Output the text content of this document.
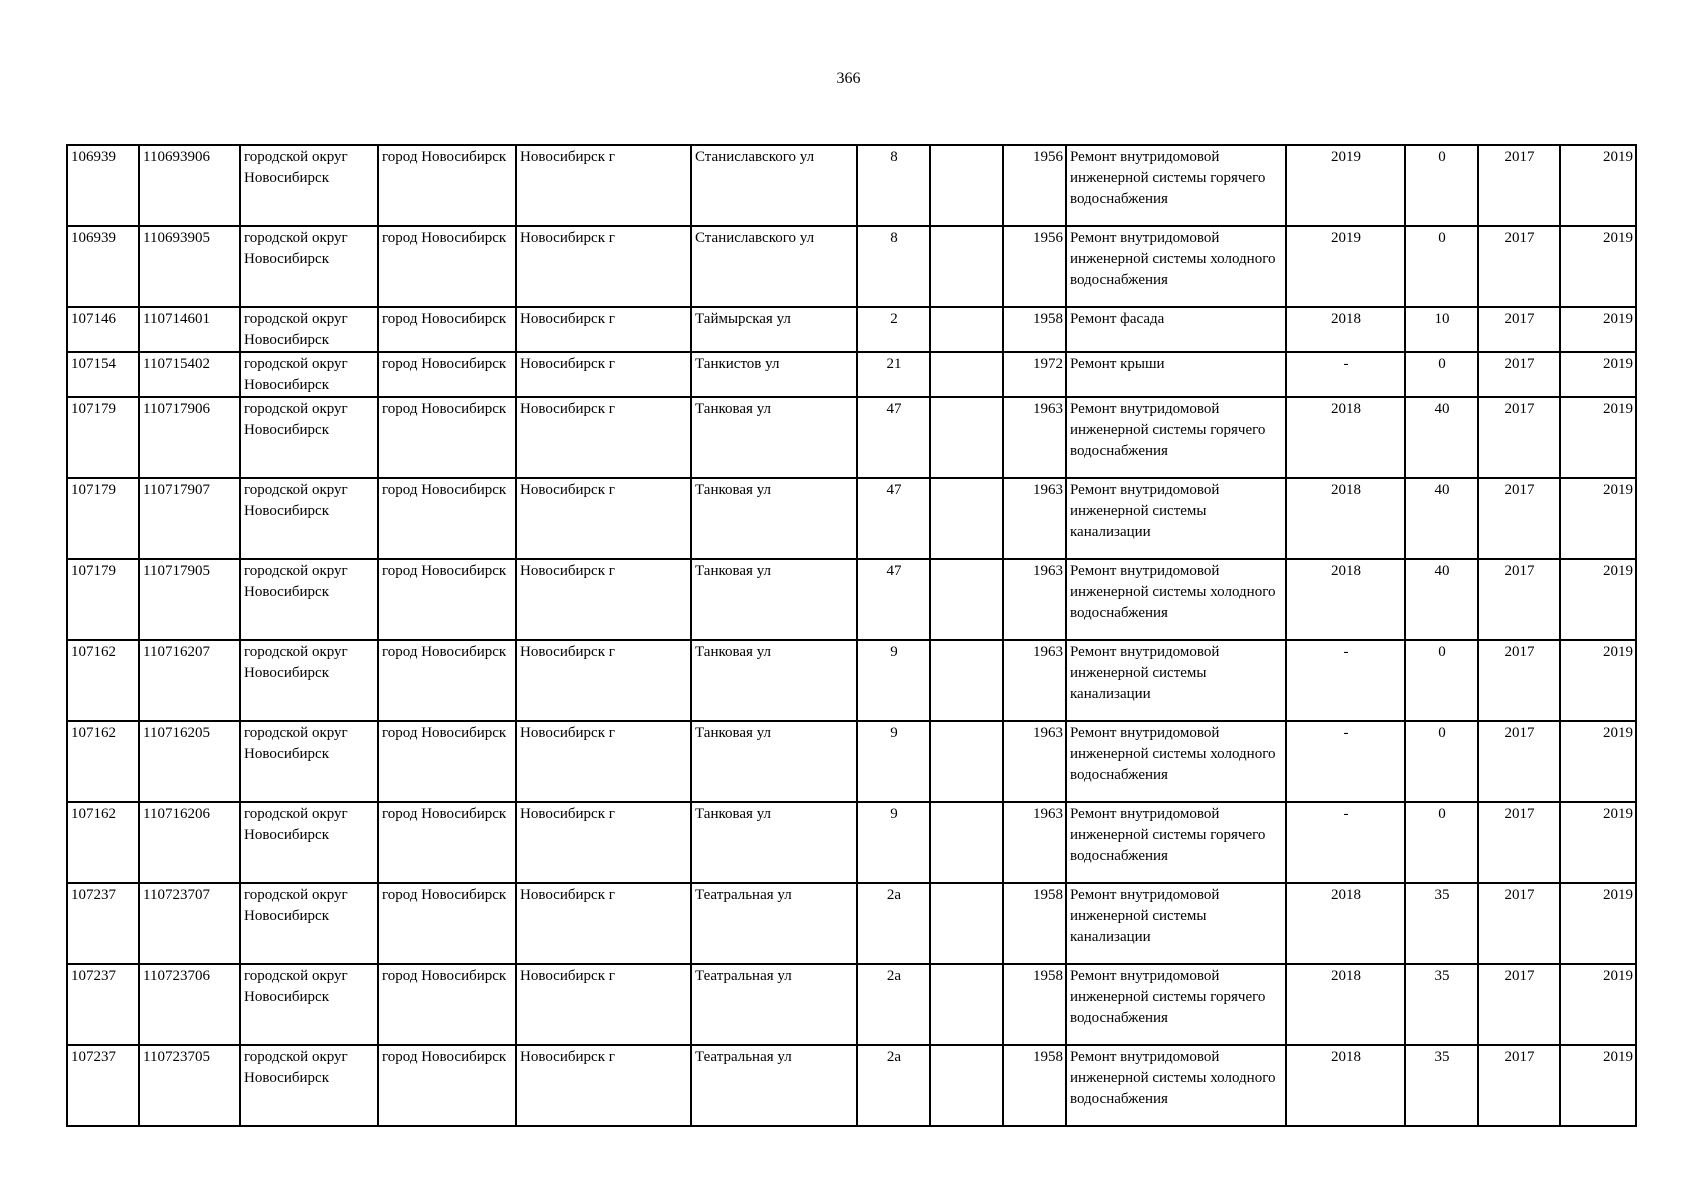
366
106939	110693906	городской округ Новосибирск	город Новосибирск	Новосибирск г	Станиславского ул	8		1956	Ремонт внутридомовой инженерной системы горячего водоснабжения	2019	0	2017	2019
106939	110693905	городской округ Новосибирск	город Новосибирск	Новосибирск г	Станиславского ул	8		1956	Ремонт внутридомовой инженерной системы холодного водоснабжения	2019	0	2017	2019
107146	110714601	городской округ Новосибирск	город Новосибирск	Новосибирск г	Таймырская ул	2		1958	Ремонт фасада	2018	10	2017	2019
107154	110715402	городской округ Новосибирск	город Новосибирск	Новосибирск г	Танкистов ул	21		1972	Ремонт крыши	-	0	2017	2019
107179	110717906	городской округ Новосибирск	город Новосибирск	Новосибирск г	Танковая ул	47		1963	Ремонт внутридомовой инженерной системы горячего водоснабжения	2018	40	2017	2019
107179	110717907	городской округ Новосибирск	город Новосибирск	Новосибирск г	Танковая ул	47		1963	Ремонт внутридомовой инженерной системы канализации	2018	40	2017	2019
107179	110717905	городской округ Новосибирск	город Новосибирск	Новосибирск г	Танковая ул	47		1963	Ремонт внутридомовой инженерной системы холодного водоснабжения	2018	40	2017	2019
107162	110716207	городской округ Новосибирск	город Новосибирск	Новосибирск г	Танковая ул	9		1963	Ремонт внутридомовой инженерной системы канализации	-	0	2017	2019
107162	110716205	городской округ Новосибирск	город Новосибирск	Новосибирск г	Танковая ул	9		1963	Ремонт внутридомовой инженерной системы холодного водоснабжения	-	0	2017	2019
107162	110716206	городской округ Новосибирск	город Новосибирск	Новосибирск г	Танковая ул	9		1963	Ремонт внутридомовой инженерной системы горячего водоснабжения	-	0	2017	2019
107237	110723707	городской округ Новосибирск	город Новосибирск	Новосибирск г	Театральная ул	2а		1958	Ремонт внутридомовой инженерной системы канализации	2018	35	2017	2019
107237	110723706	городской округ Новосибирск	город Новосибирск	Новосибирск г	Театральная ул	2а		1958	Ремонт внутридомовой инженерной системы горячего водоснабжения	2018	35	2017	2019
107237	110723705	городской округ Новосибирск	город Новосибирск	Новосибирск г	Театральная ул	2а		1958	Ремонт внутридомовой инженерной системы холодного водоснабжения	2018	35	2017	2019
